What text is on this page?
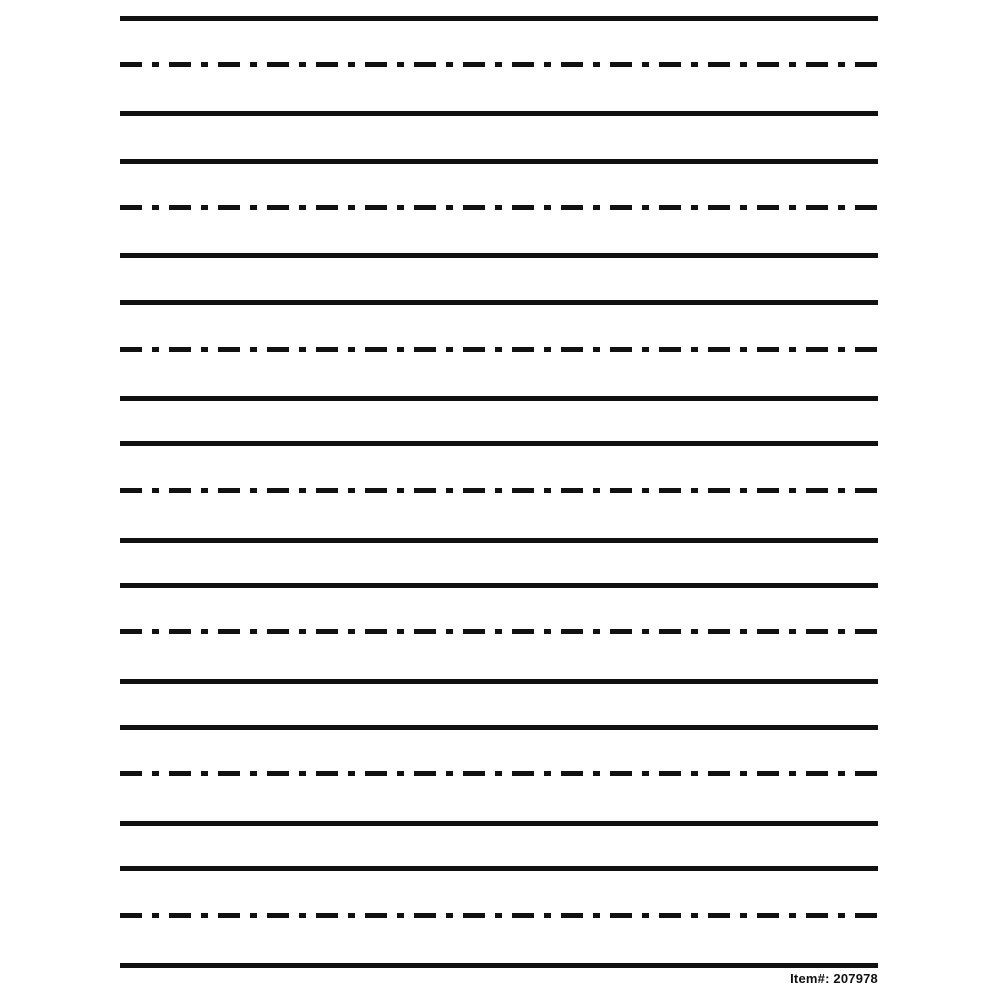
Item#: 207978
